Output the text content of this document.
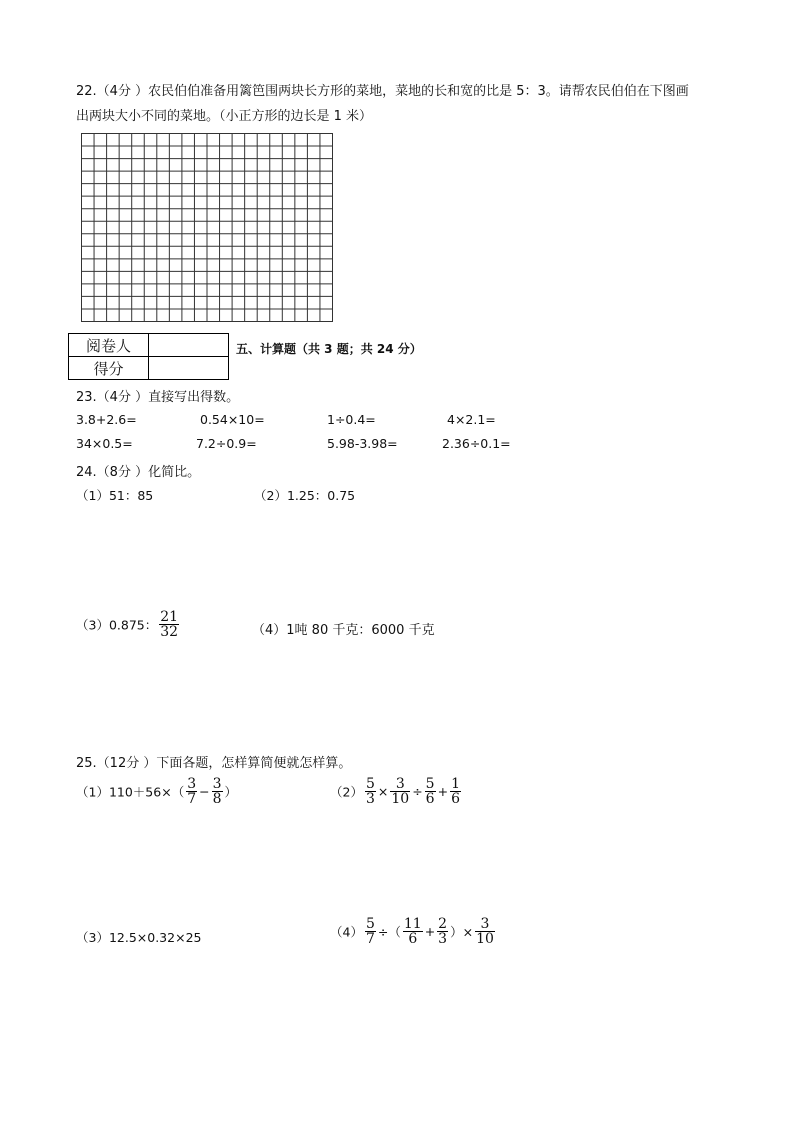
22.（4分 ）农民伯伯准备用篱笆围两块长方形的菜地，菜地的长和宽的比是 5：3。请帮农民伯伯在下图画
出两块大小不同的菜地。（小正方形的边长是 1 米）
阅卷人	
得分	
五、计算题（共 3 题；共 24 分）
23.（4分 ）直接写出得数。
3.8+2.6=	0.54×10=	1÷0.4=	4×2.1=
34×0.5=	7.2÷0.9=	5.98-3.98=	2.36÷0.1=
24.（8分 ）化简比。
（1）51：85	（2）1.25：0.75
（3）0.875： $\frac{21}{32}$	（4）1吨 80 千克：6000 千克
25.（12分 ）下面各题，怎样算简便就怎样算。
$(1)110+56\times( \frac{3}{7} - \frac{3}{8}$ ）	$(2) \frac{5}{3} \times \frac{3}{10} \div \frac{5}{6} + \frac{1}{6}$
（3）12.5×0.32×25	$(4) \frac{5}{7}$ ÷（ $\frac{11}{6} + \frac{2}{3}$ ）× $\frac{3}{10}$
